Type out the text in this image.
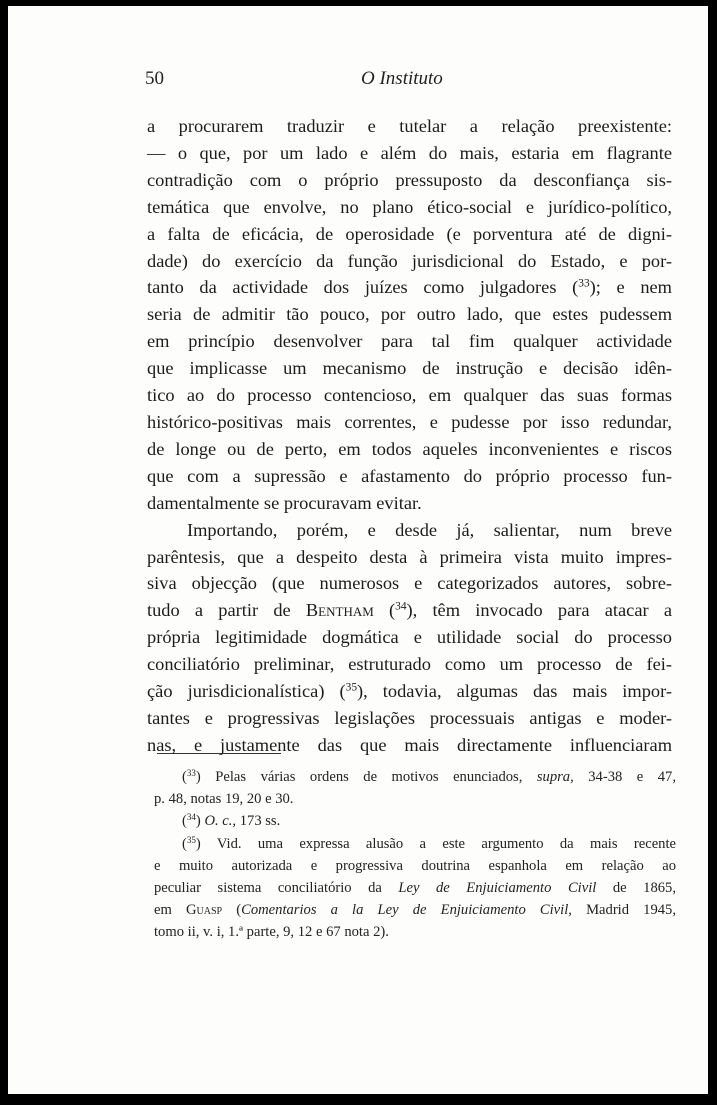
50	O Instituto
a procurarem traduzir e tutelar a relação preexistente:
— o que, por um lado e além do mais, estaria em flagrante
contradição com o próprio pressuposto da desconfiança sis-
temática que envolve, no plano ético-social e jurídico-político,
a falta de eficácia, de operosidade (e porventura até de digni-
dade) do exercício da função jurisdicional do Estado, e por-
tanto da actividade dos juízes como julgadores ($^{33}$); e nem
seria de admitir tão pouco, por outro lado, que estes pudessem
em princípio desenvolver para tal fim qualquer actividade
que implicasse um mecanismo de instrução e decisão idên-
tico ao do processo contencioso, em qualquer das suas formas
histórico-positivas mais correntes, e pudesse por isso redundar,
de longe ou de perto, em todos aqueles inconvenientes e riscos
que com a supressão e afastamento do próprio processo fun-
damentalmente se procuravam evitar.
Importando, porém, e desde já, salientar, num breve
parêntesis, que a despeito desta à primeira vista muito impres-
siva objecção (que numerosos e categorizados autores, sobre-
tudo a partir de Bentham ($^{34}$), têm invocado para atacar a
própria legitimidade dogmática e utilidade social do processo
conciliatório preliminar, estruturado como um processo de fei-
ção jurisdicionalística) ($^{35}$), todavia, algumas das mais impor-
tantes e progressivas legislações processuais antigas e moder-
nas, e justamente das que mais directamente influenciaram
($^{33}$) Pelas várias ordens de motivos enunciados, supra, 34-38 e 47,
p. 48, notas 19, 20 e 30.
($^{34}$) O. c., 173 ss.
($^{35}$) Vid. uma expressa alusão a este argumento da mais recente
e muito autorizada e progressiva doutrina espanhola em relação ao
peculiar sistema conciliatório da Ley de Enjuiciamento Civil de 1865,
em Guasp (Comentarios a la Ley de Enjuiciamento Civil, Madrid 1945,
tomo ii, v. i, 1.ª parte, 9, 12 e 67 nota 2).
